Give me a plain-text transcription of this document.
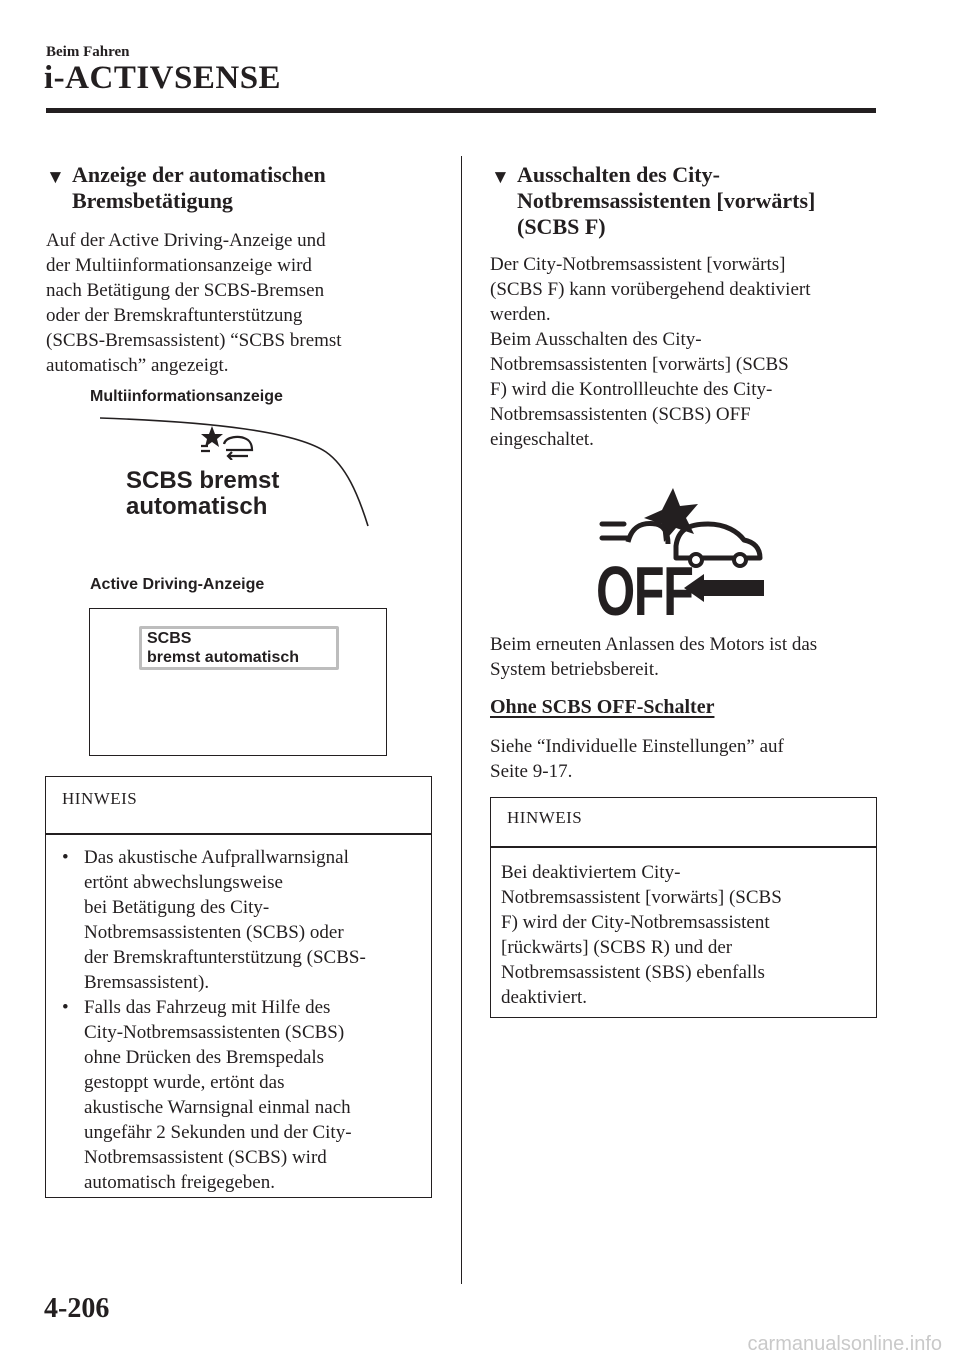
Beim Fahren
i-ACTIVSENSE
▼ Anzeige der automatischen
Bremsbetätigung
Auf der Active Driving-Anzeige und
der Multiinformationsanzeige wird
nach Betätigung der SCBS-Bremsen
oder der Bremskraftunterstützung
(SCBS-Bremsassistent) “SCBS bremst
automatisch” angezeigt.
Multiinformationsanzeige
SCBS bremst
automatisch
Active Driving-Anzeige
SCBS
bremst automatisch
HINWEIS
• Das akustische Aufprallwarnsignal
ertönt abwechslungsweise
bei Betätigung des City-
Notbremsassistenten (SCBS) oder
der Bremskraftunterstützung (SCBS-
Bremsassistent).
• Falls das Fahrzeug mit Hilfe des
City-Notbremsassistenten (SCBS)
ohne Drücken des Bremspedals
gestoppt wurde, ertönt das
akustische Warnsignal einmal nach
ungefähr 2 Sekunden und der City-
Notbremsassistent (SCBS) wird
automatisch freigegeben.
▼ Ausschalten des City-
Notbremsassistenten [vorwärts]
(SCBS F)
Der City-Notbremsassistent [vorwärts]
(SCBS F) kann vorübergehend deaktiviert
werden.
Beim Ausschalten des City-
Notbremsassistenten [vorwärts] (SCBS
F) wird die Kontrollleuchte des City-
Notbremsassistenten (SCBS) OFF
eingeschaltet.
OFF
Beim erneuten Anlassen des Motors ist das
System betriebsbereit.
Ohne SCBS OFF-Schalter
Siehe “Individuelle Einstellungen” auf
Seite 9-17.
HINWEIS
Bei deaktiviertem City-
Notbremsassistent [vorwärts] (SCBS
F) wird der City-Notbremsassistent
[rückwärts] (SCBS R) und der
Notbremsassistent (SBS) ebenfalls
deaktiviert.
4-206
carmanualsonline.info
